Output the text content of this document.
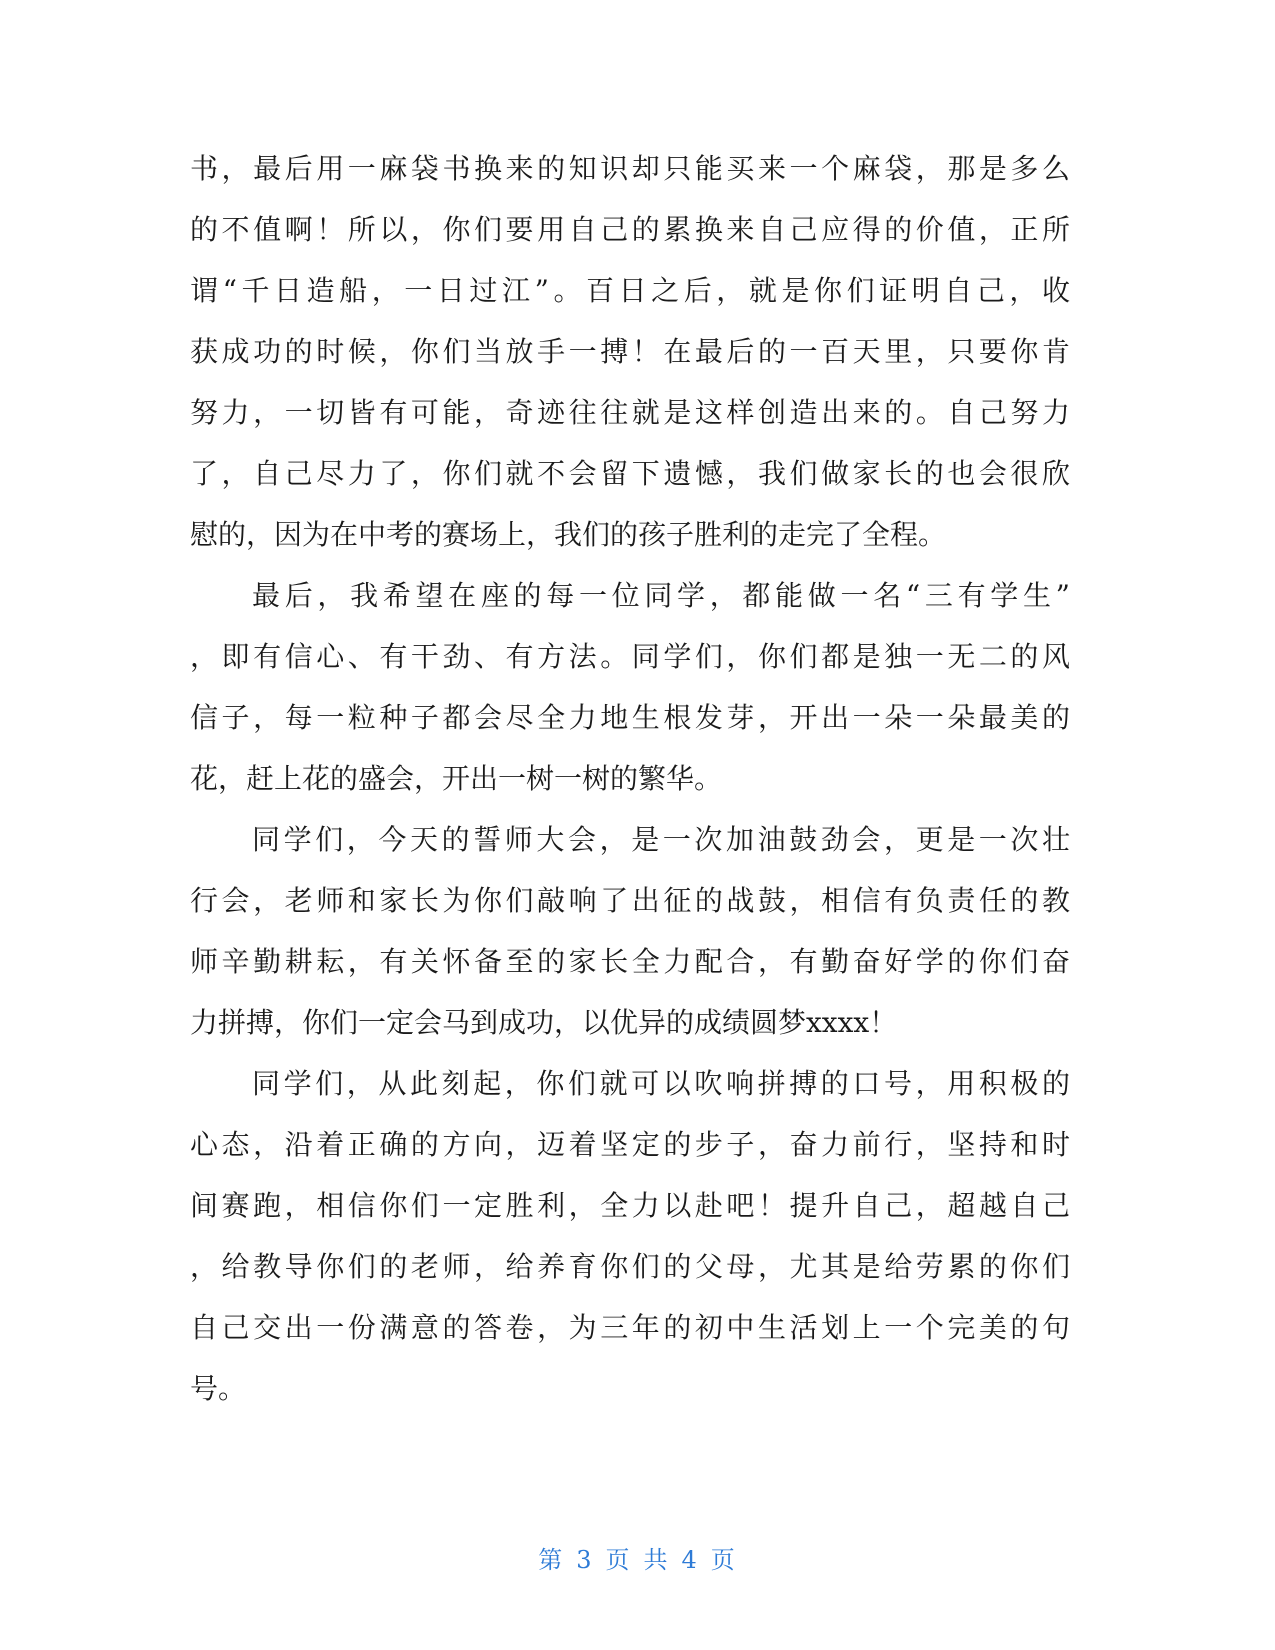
书，最后用一麻袋书换来的知识却只能买来一个麻袋，那是多么
的不值啊！所以，你们要用自己的累换来自己应得的价值，正所
谓“千日造船，一日过江”。百日之后，就是你们证明自己，收
获成功的时候，你们当放手一搏！在最后的一百天里，只要你肯
努力，一切皆有可能，奇迹往往就是这样创造出来的。自己努力
了，自己尽力了，你们就不会留下遗憾，我们做家长的也会很欣
慰的，因为在中考的赛场上，我们的孩子胜利的走完了全程。
最后，我希望在座的每一位同学，都能做一名“三有学生”
，即有信心、有干劲、有方法。同学们，你们都是独一无二的风
信子，每一粒种子都会尽全力地生根发芽，开出一朵一朵最美的
花，赶上花的盛会，开出一树一树的繁华。
同学们，今天的誓师大会，是一次加油鼓劲会，更是一次壮
行会，老师和家长为你们敲响了出征的战鼓，相信有负责任的教
师辛勤耕耘，有关怀备至的家长全力配合，有勤奋好学的你们奋
力拼搏，你们一定会马到成功，以优异的成绩圆梦xxxx！
同学们，从此刻起，你们就可以吹响拼搏的口号，用积极的
心态，沿着正确的方向，迈着坚定的步子，奋力前行，坚持和时
间赛跑，相信你们一定胜利，全力以赴吧！提升自己，超越自己
，给教导你们的老师，给养育你们的父母，尤其是给劳累的你们
自己交出一份满意的答卷，为三年的初中生活划上一个完美的句
号。
第 3 页 共 4 页
